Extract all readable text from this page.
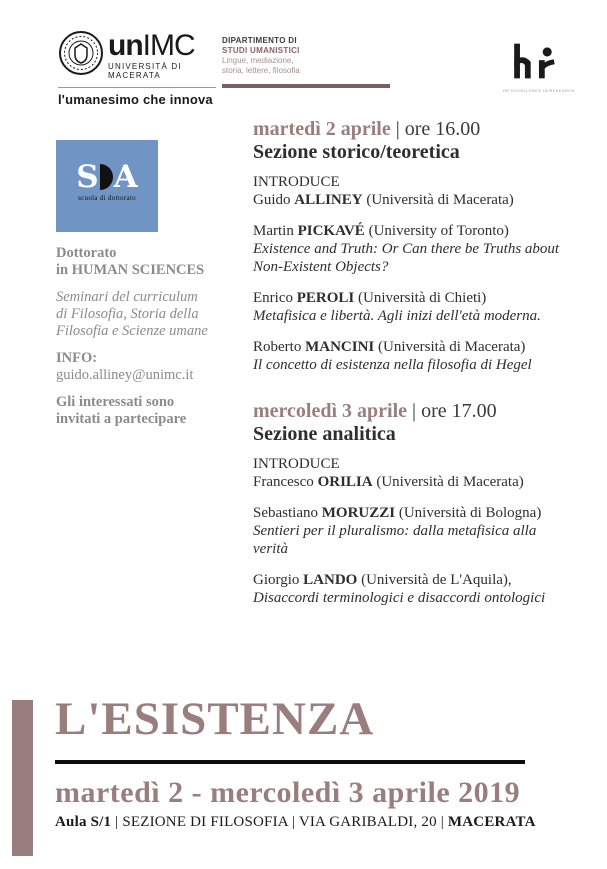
unIMC
UNIVERSITÀ DI MACERATA
l'umanesimo che innova
DIPARTIMENTO DI
STUDI UMANISTICI
Lingue, mediazione,
storia, lettere, filosofia
HR EXCELLENCE IN RESEARCH
S A
scuola di dottorato
Dottorato
in HUMAN SCIENCES
Seminari del curriculum
di Filosofia, Storia della
Filosofia e Scienze umane
INFO:
guido.alliney@unimc.it
Gli interessati sono
invitati a partecipare

martedì 2 aprile | ore 16.00

Sezione storico/teoretica

INTRODUCE
Guido ALLINEY (Università di Macerata)

Martin PICKAVÉ (University of Toronto)
Existence and Truth: Or Can there be Truths about Non-Existent Objects?

Enrico PEROLI (Università di Chieti)
Metafisica e libertà. Agli inizi dell'età moderna.

Roberto MANCINI (Università di Macerata)
Il concetto di esistenza nella filosofia di Hegel

mercoledì 3 aprile | ore 17.00

Sezione analitica

INTRODUCE
Francesco ORILIA (Università di Macerata)

Sebastiano MORUZZI (Università di Bologna)
Sentieri per il pluralismo: dalla metafisica alla verità

Giorgio LANDO (Università de L'Aquila),
Disaccordi terminologici e disaccordi ontologici

L'ESISTENZA

martedì 2 - mercoledì 3 aprile 2019
Aula S/1 | SEZIONE DI FILOSOFIA | VIA GARIBALDI, 20 | MACERATA
